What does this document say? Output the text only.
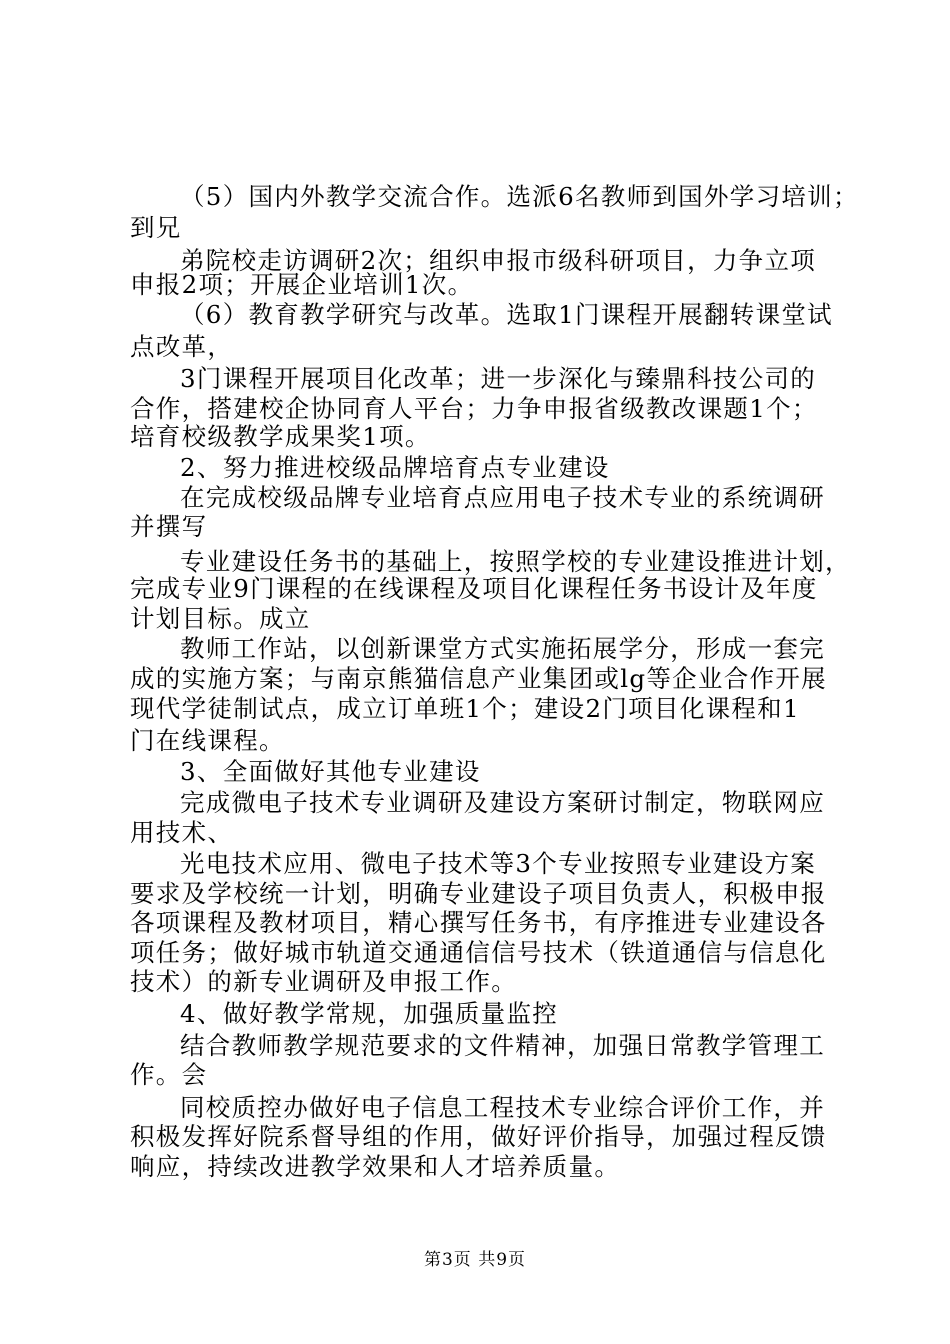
（5）国内外教学交流合作。选派6名教师到国外学习培训；
到兄
弟院校走访调研2次；组织申报市级科研项目，力争立项
申报2项；开展企业培训1次。
（6）教育教学研究与改革。选取1门课程开展翻转课堂试
点改革，
3门课程开展项目化改革；进一步深化与臻鼎科技公司的
合作，搭建校企协同育人平台；力争申报省级教改课题1个；
培育校级教学成果奖1项。
2、努力推进校级品牌培育点专业建设
在完成校级品牌专业培育点应用电子技术专业的系统调研
并撰写
专业建设任务书的基础上，按照学校的专业建设推进计划，
完成专业9门课程的在线课程及项目化课程任务书设计及年度
计划目标。成立
教师工作站，以创新课堂方式实施拓展学分，形成一套完
成的实施方案；与南京熊猫信息产业集团或lg等企业合作开展
现代学徒制试点，成立订单班1个；建设2门项目化课程和1
门在线课程。
3、全面做好其他专业建设
完成微电子技术专业调研及建设方案研讨制定，物联网应
用技术、
光电技术应用、微电子技术等3个专业按照专业建设方案
要求及学校统一计划，明确专业建设子项目负责人，积极申报
各项课程及教材项目，精心撰写任务书，有序推进专业建设各
项任务；做好城市轨道交通通信信号技术（铁道通信与信息化
技术）的新专业调研及申报工作。
4、做好教学常规，加强质量监控
结合教师教学规范要求的文件精神，加强日常教学管理工
作。会
同校质控办做好电子信息工程技术专业综合评价工作，并
积极发挥好院系督导组的作用，做好评价指导，加强过程反馈
响应，持续改进教学效果和人才培养质量。
第3页 共9页
